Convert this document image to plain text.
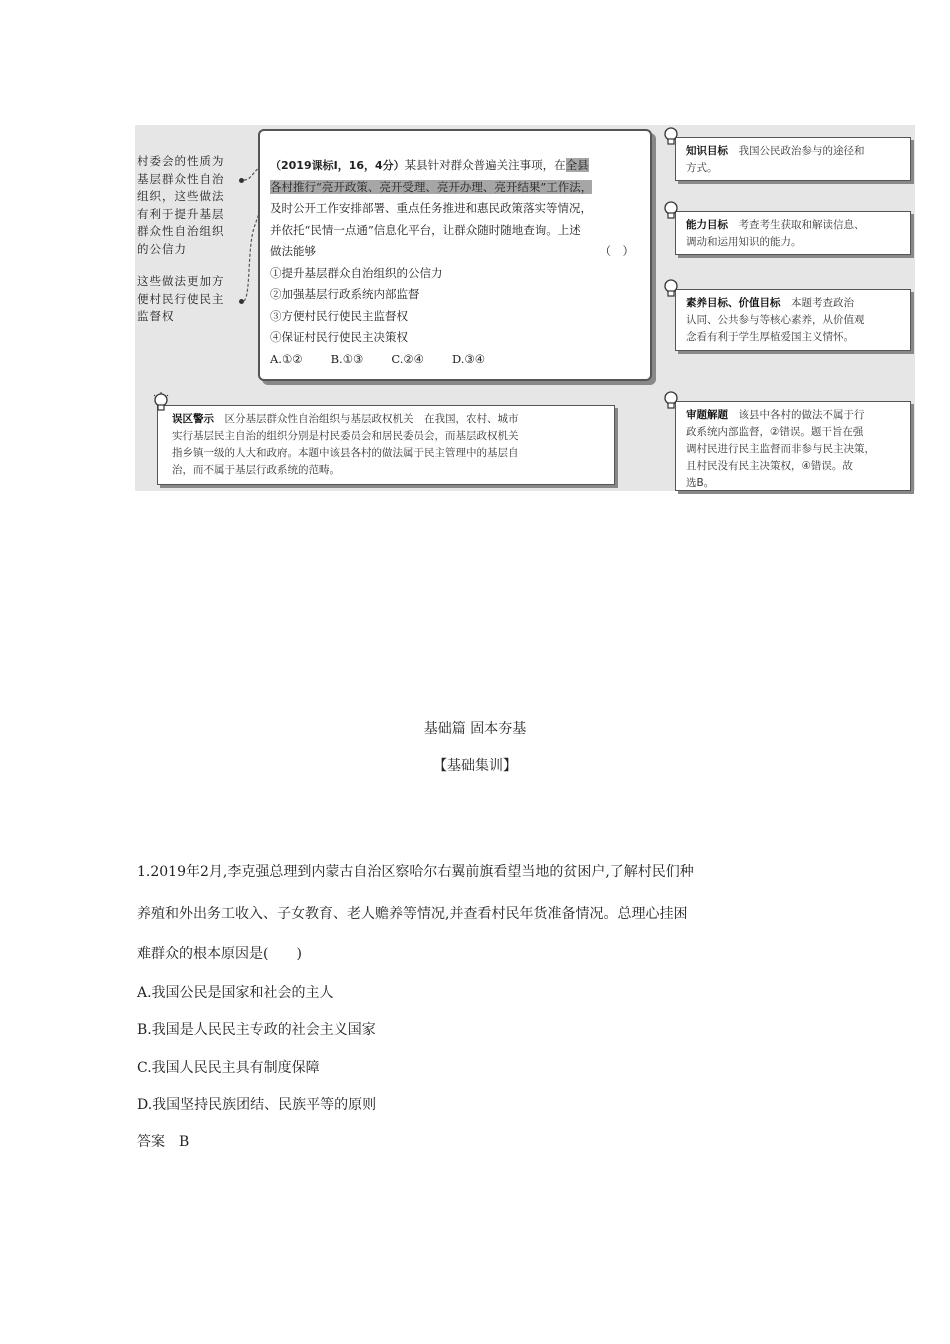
村委会的性质为
基层群众性自治
组织，这些做法
有利于提升基层
群众性自治组织
的公信力
这些做法更加方
便村民行使民主
监督权
（2019课标Ⅰ，16，4分）某县针对群众普遍关注事项，在全县
各村推行“亮开政策、亮开受理、亮开办理、亮开结果”工作法，
及时公开工作安排部署、重点任务推进和惠民政策落实等情况，
并依托“民情一点通”信息化平台，让群众随时随地查询。上述
做法能够	（　）
①提升基层群众自治组织的公信力
②加强基层行政系统内部监督
③方便村民行使民主监督权
④保证村民行使民主决策权
A.①② B.①③ C.②④ D.③④
误区警示　 区分基层群众性自治组织与基层政权机关　在我国，农村、城市
实行基层民主自治的组织分别是村民委员会和居民委员会，而基层政权机关
指乡镇一级的人大和政府。本题中该县各村的做法属于民主管理中的基层自
治，而不属于基层行政系统的范畴。
知识目标　 我国公民政治参与的途径和
方式。
能力目标　 考查考生获取和解读信息、
调动和运用知识的能力。
素养目标、价值目标　 本题考查政治
认同、公共参与等核心素养，从价值观
念看有利于学生厚植爱国主义情怀。
审题解题　 该县中各村的做法不属于行
政系统内部监督，②错误。题干旨在强
调村民进行民主监督而非参与民主决策，
且村民没有民主决策权，④错误。故
选B。
基础篇 固本夯基
【基础集训】
1.2019年2月,李克强总理到内蒙古自治区察哈尔右翼前旗看望当地的贫困户,了解村民们种
养殖和外出务工收入、子女教育、老人赡养等情况,并查看村民年货准备情况。总理心挂困
难群众的根本原因是(　　)
A.我国公民是国家和社会的主人
B.我国是人民民主专政的社会主义国家
C.我国人民民主具有制度保障
D.我国坚持民族团结、民族平等的原则
答案　B
